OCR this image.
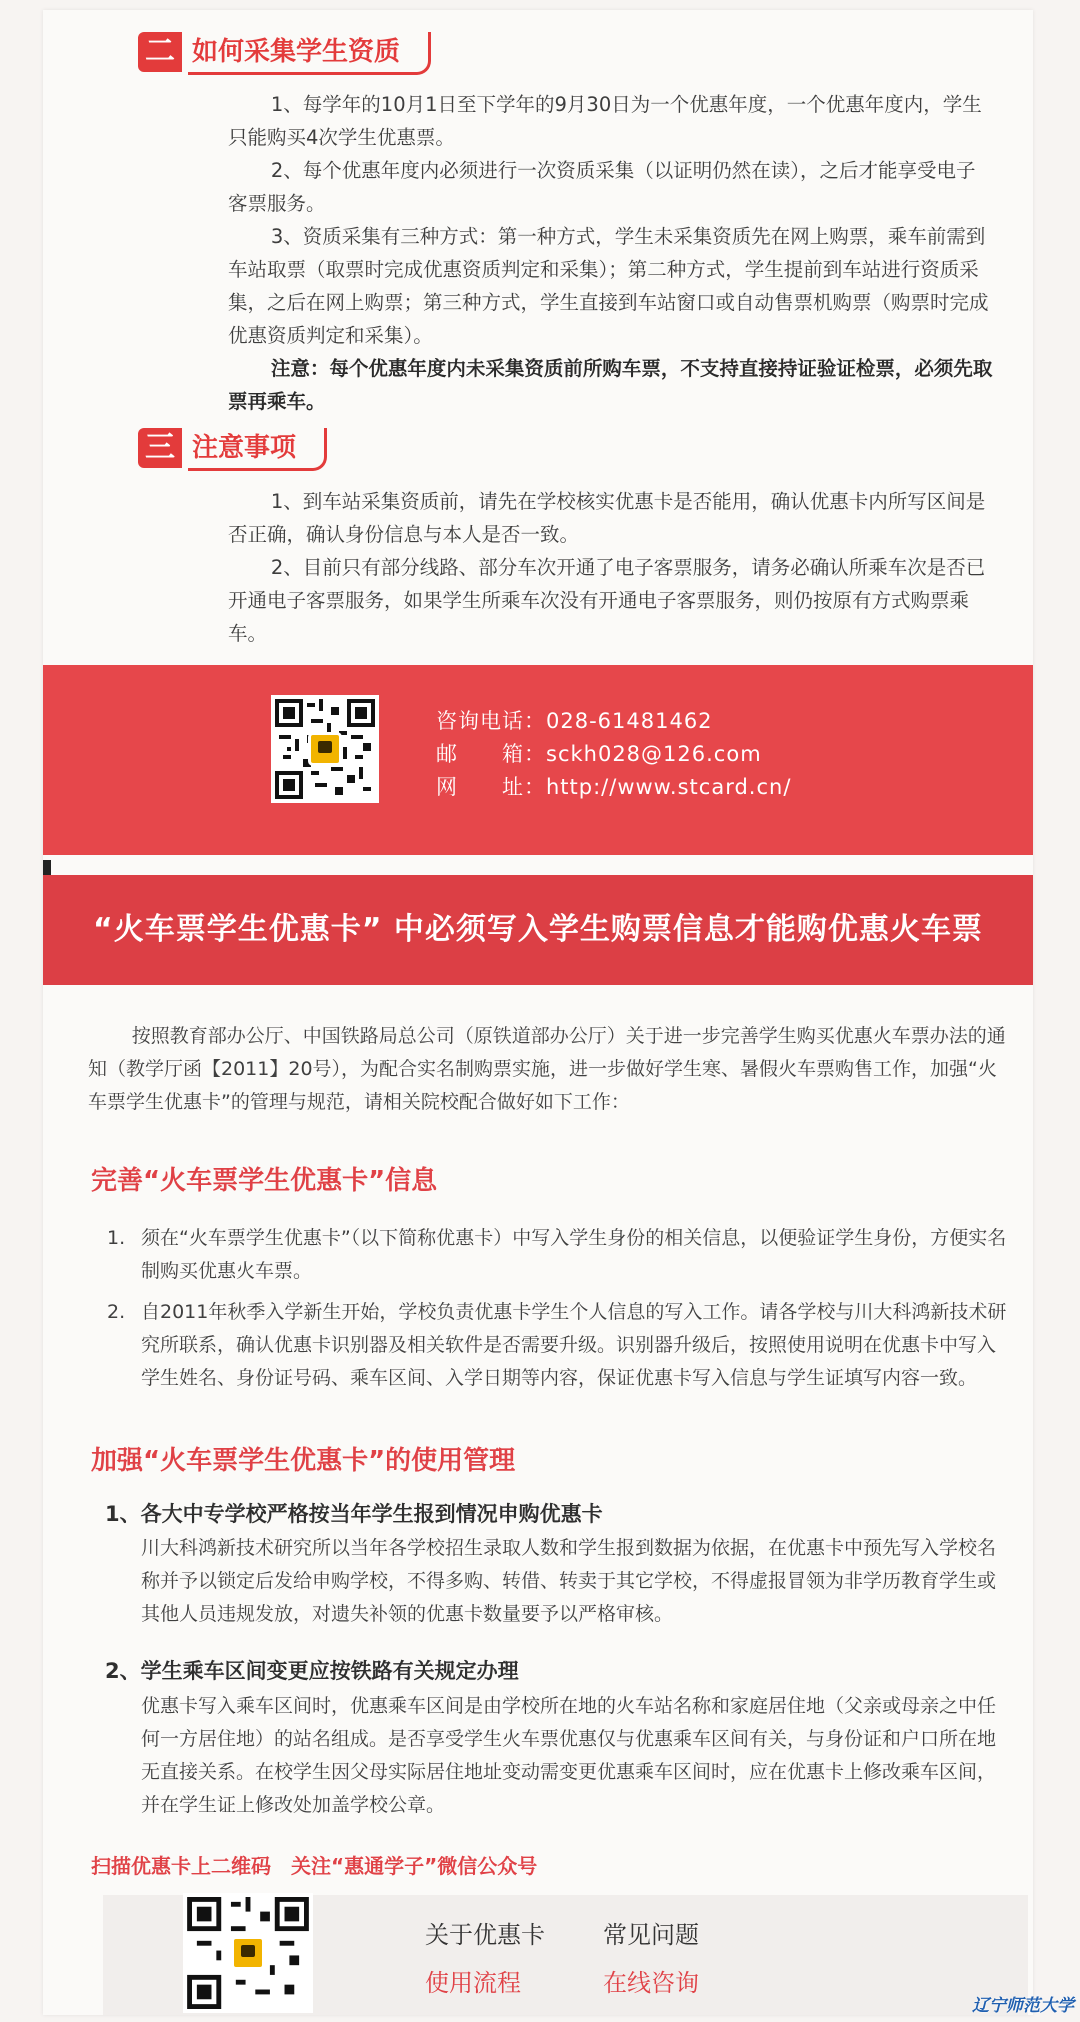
二 如何采集学生资质

1、每学年的10月1日至下学年的9月30日为一个优惠年度，一个优惠年度内，学生只能购买4次学生优惠票。

2、每个优惠年度内必须进行一次资质采集（以证明仍然在读），之后才能享受电子客票服务。

3、资质采集有三种方式：第一种方式，学生未采集资质先在网上购票，乘车前需到车站取票（取票时完成优惠资质判定和采集）；第二种方式，学生提前到车站进行资质采集，之后在网上购票；第三种方式，学生直接到车站窗口或自动售票机购票（购票时完成优惠资质判定和采集）。

注意：每个优惠年度内未采集资质前所购车票，不支持直接持证验证检票，必须先取票再乘车。

三 注意事项

1、到车站采集资质前，请先在学校核实优惠卡是否能用，确认优惠卡内所写区间是否正确，确认身份信息与本人是否一致。

2、目前只有部分线路、部分车次开通了电子客票服务，请务必确认所乘车次是否已开通电子客票服务，如果学生所乘车次没有开通电子客票服务，则仍按原有方式购票乘车。

咨询电话：028-61481462
邮　　箱：sckh028@126.com
网　　址：http://www.stcard.cn/
“火车票学生优惠卡” 中必须写入学生购票信息才能购优惠火车票
按照教育部办公厅、中国铁路局总公司（原铁道部办公厅）关于进一步完善学生购买优惠火车票办法的通知（教学厅函【2011】20号），为配合实名制购票实施，进一步做好学生寒、暑假火车票购售工作，加强“火车票学生优惠卡”的管理与规范，请相关院校配合做好如下工作：
完善“火车票学生优惠卡”信息
1. 须在“火车票学生优惠卡”（以下简称优惠卡）中写入学生身份的相关信息，以便验证学生身份，方便实名制购买优惠火车票。
2. 自2011年秋季入学新生开始，学校负责优惠卡学生个人信息的写入工作。请各学校与川大科鸿新技术研究所联系，确认优惠卡识别器及相关软件是否需要升级。识别器升级后，按照使用说明在优惠卡中写入学生姓名、身份证号码、乘车区间、入学日期等内容，保证优惠卡写入信息与学生证填写内容一致。
加强“火车票学生优惠卡”的使用管理
1、各大中专学校严格按当年学生报到情况申购优惠卡
川大科鸿新技术研究所以当年各学校招生录取人数和学生报到数据为依据，在优惠卡中预先写入学校名称并予以锁定后发给申购学校，不得多购、转借、转卖于其它学校，不得虚报冒领为非学历教育学生或其他人员违规发放，对遗失补领的优惠卡数量要予以严格审核。
2、学生乘车区间变更应按铁路有关规定办理
优惠卡写入乘车区间时，优惠乘车区间是由学校所在地的火车站名称和家庭居住地（父亲或母亲之中任何一方居住地）的站名组成。是否享受学生火车票优惠仅与优惠乘车区间有关，与身份证和户口所在地无直接关系。在校学生因父母实际居住地址变动需变更优惠乘车区间时，应在优惠卡上修改乘车区间，并在学生证上修改处加盖学校公章。
扫描优惠卡上二维码　关注“惠通学子”微信公众号
关于优惠卡 常见问题
使用流程	在线咨询
辽宁师范大学
